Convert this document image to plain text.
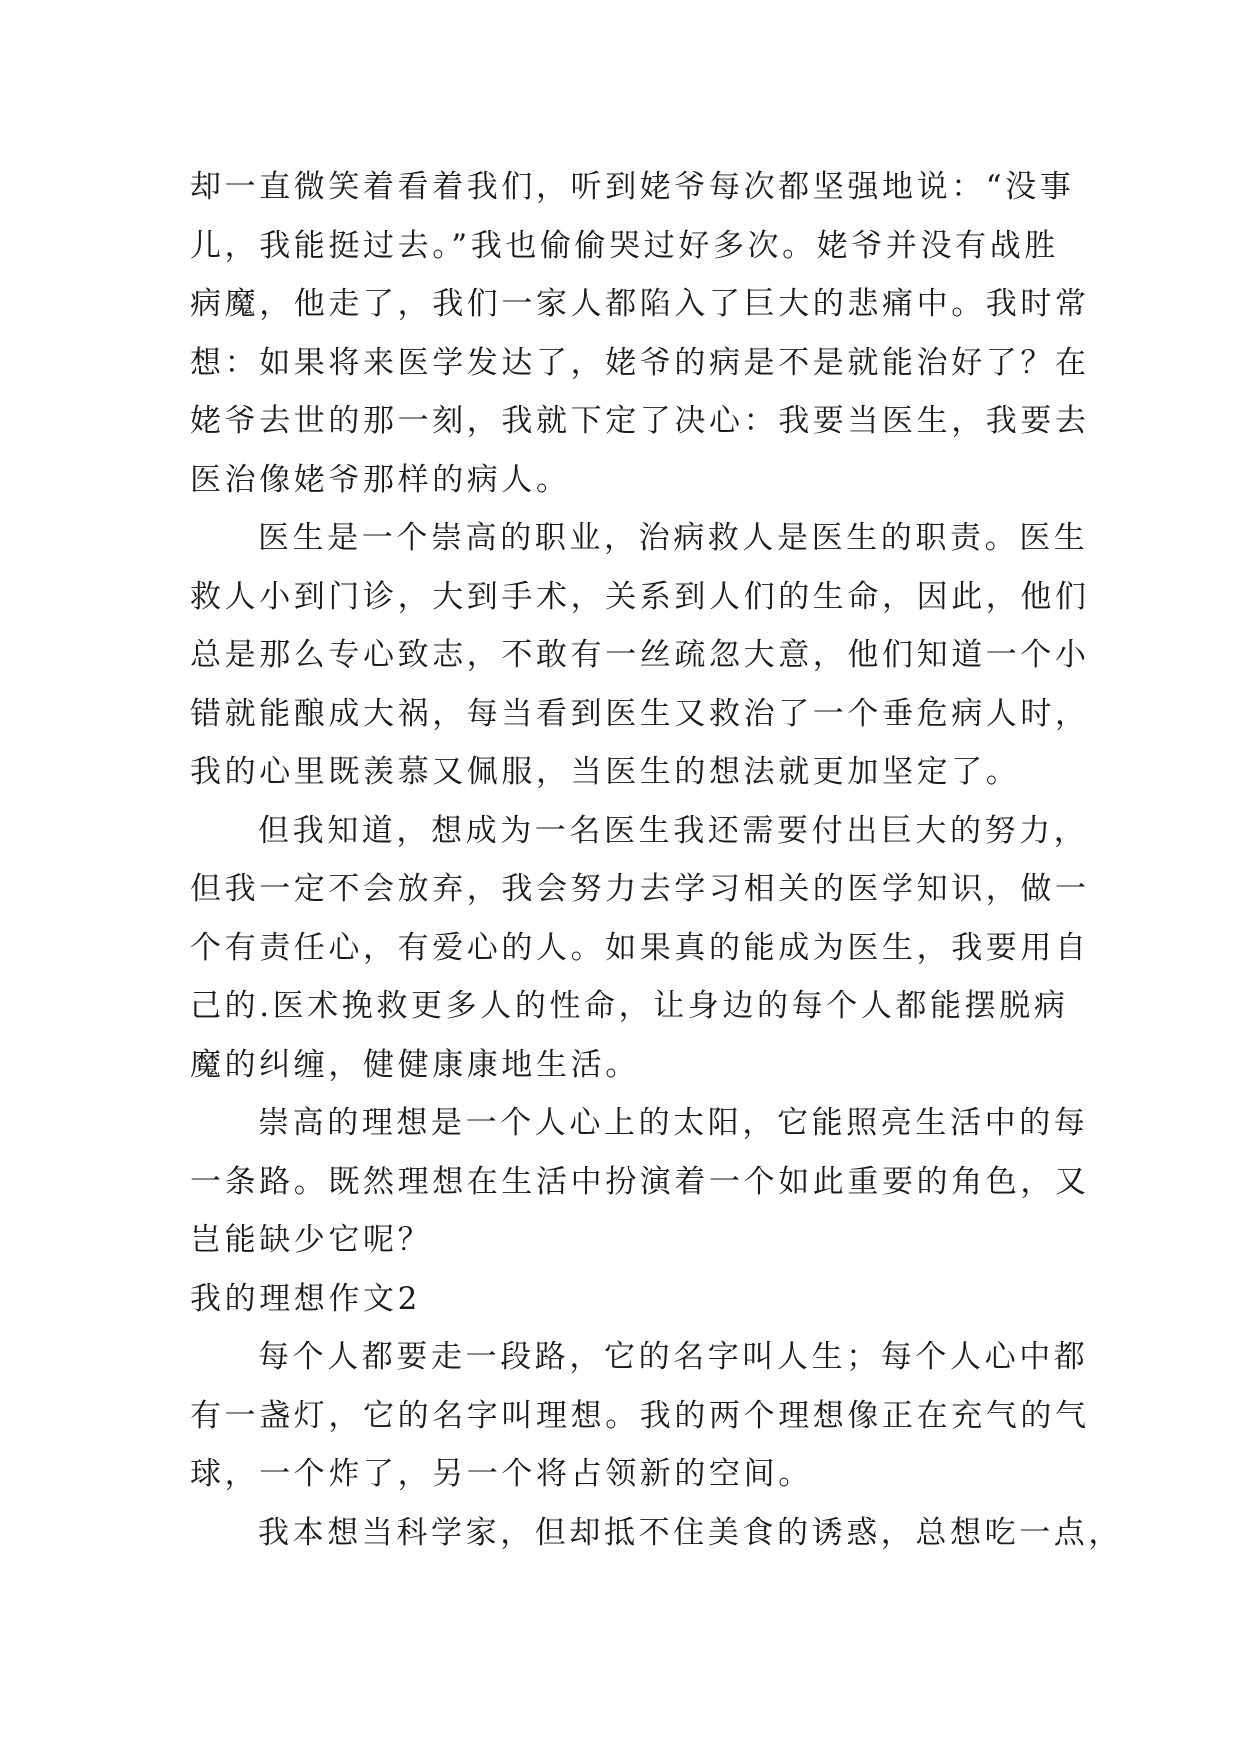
却一直微笑着看着我们，听到姥爷每次都坚强地说：“没事
儿，我能挺过去。”我也偷偷哭过好多次。姥爷并没有战胜
病魔，他走了，我们一家人都陷入了巨大的悲痛中。我时常
想：如果将来医学发达了，姥爷的病是不是就能治好了？在
姥爷去世的那一刻，我就下定了决心：我要当医生，我要去
医治像姥爷那样的病人。

医生是一个崇高的职业，治病救人是医生的职责。医生
救人小到门诊，大到手术，关系到人们的生命，因此，他们
总是那么专心致志，不敢有一丝疏忽大意，他们知道一个小
错就能酿成大祸，每当看到医生又救治了一个垂危病人时，
我的心里既羡慕又佩服，当医生的想法就更加坚定了。

但我知道，想成为一名医生我还需要付出巨大的努力，
但我一定不会放弃，我会努力去学习相关的医学知识，做一
个有责任心，有爱心的人。如果真的能成为医生，我要用自
己的.医术挽救更多人的性命，让身边的每个人都能摆脱病
魔的纠缠，健健康康地生活。

崇高的理想是一个人心上的太阳，它能照亮生活中的每
一条路。既然理想在生活中扮演着一个如此重要的角色，又
岂能缺少它呢？

我的理想作文2

每个人都要走一段路，它的名字叫人生；每个人心中都
有一盏灯，它的名字叫理想。我的两个理想像正在充气的气
球，一个炸了，另一个将占领新的空间。

我本想当科学家，但却抵不住美食的诱惑，总想吃一点，
